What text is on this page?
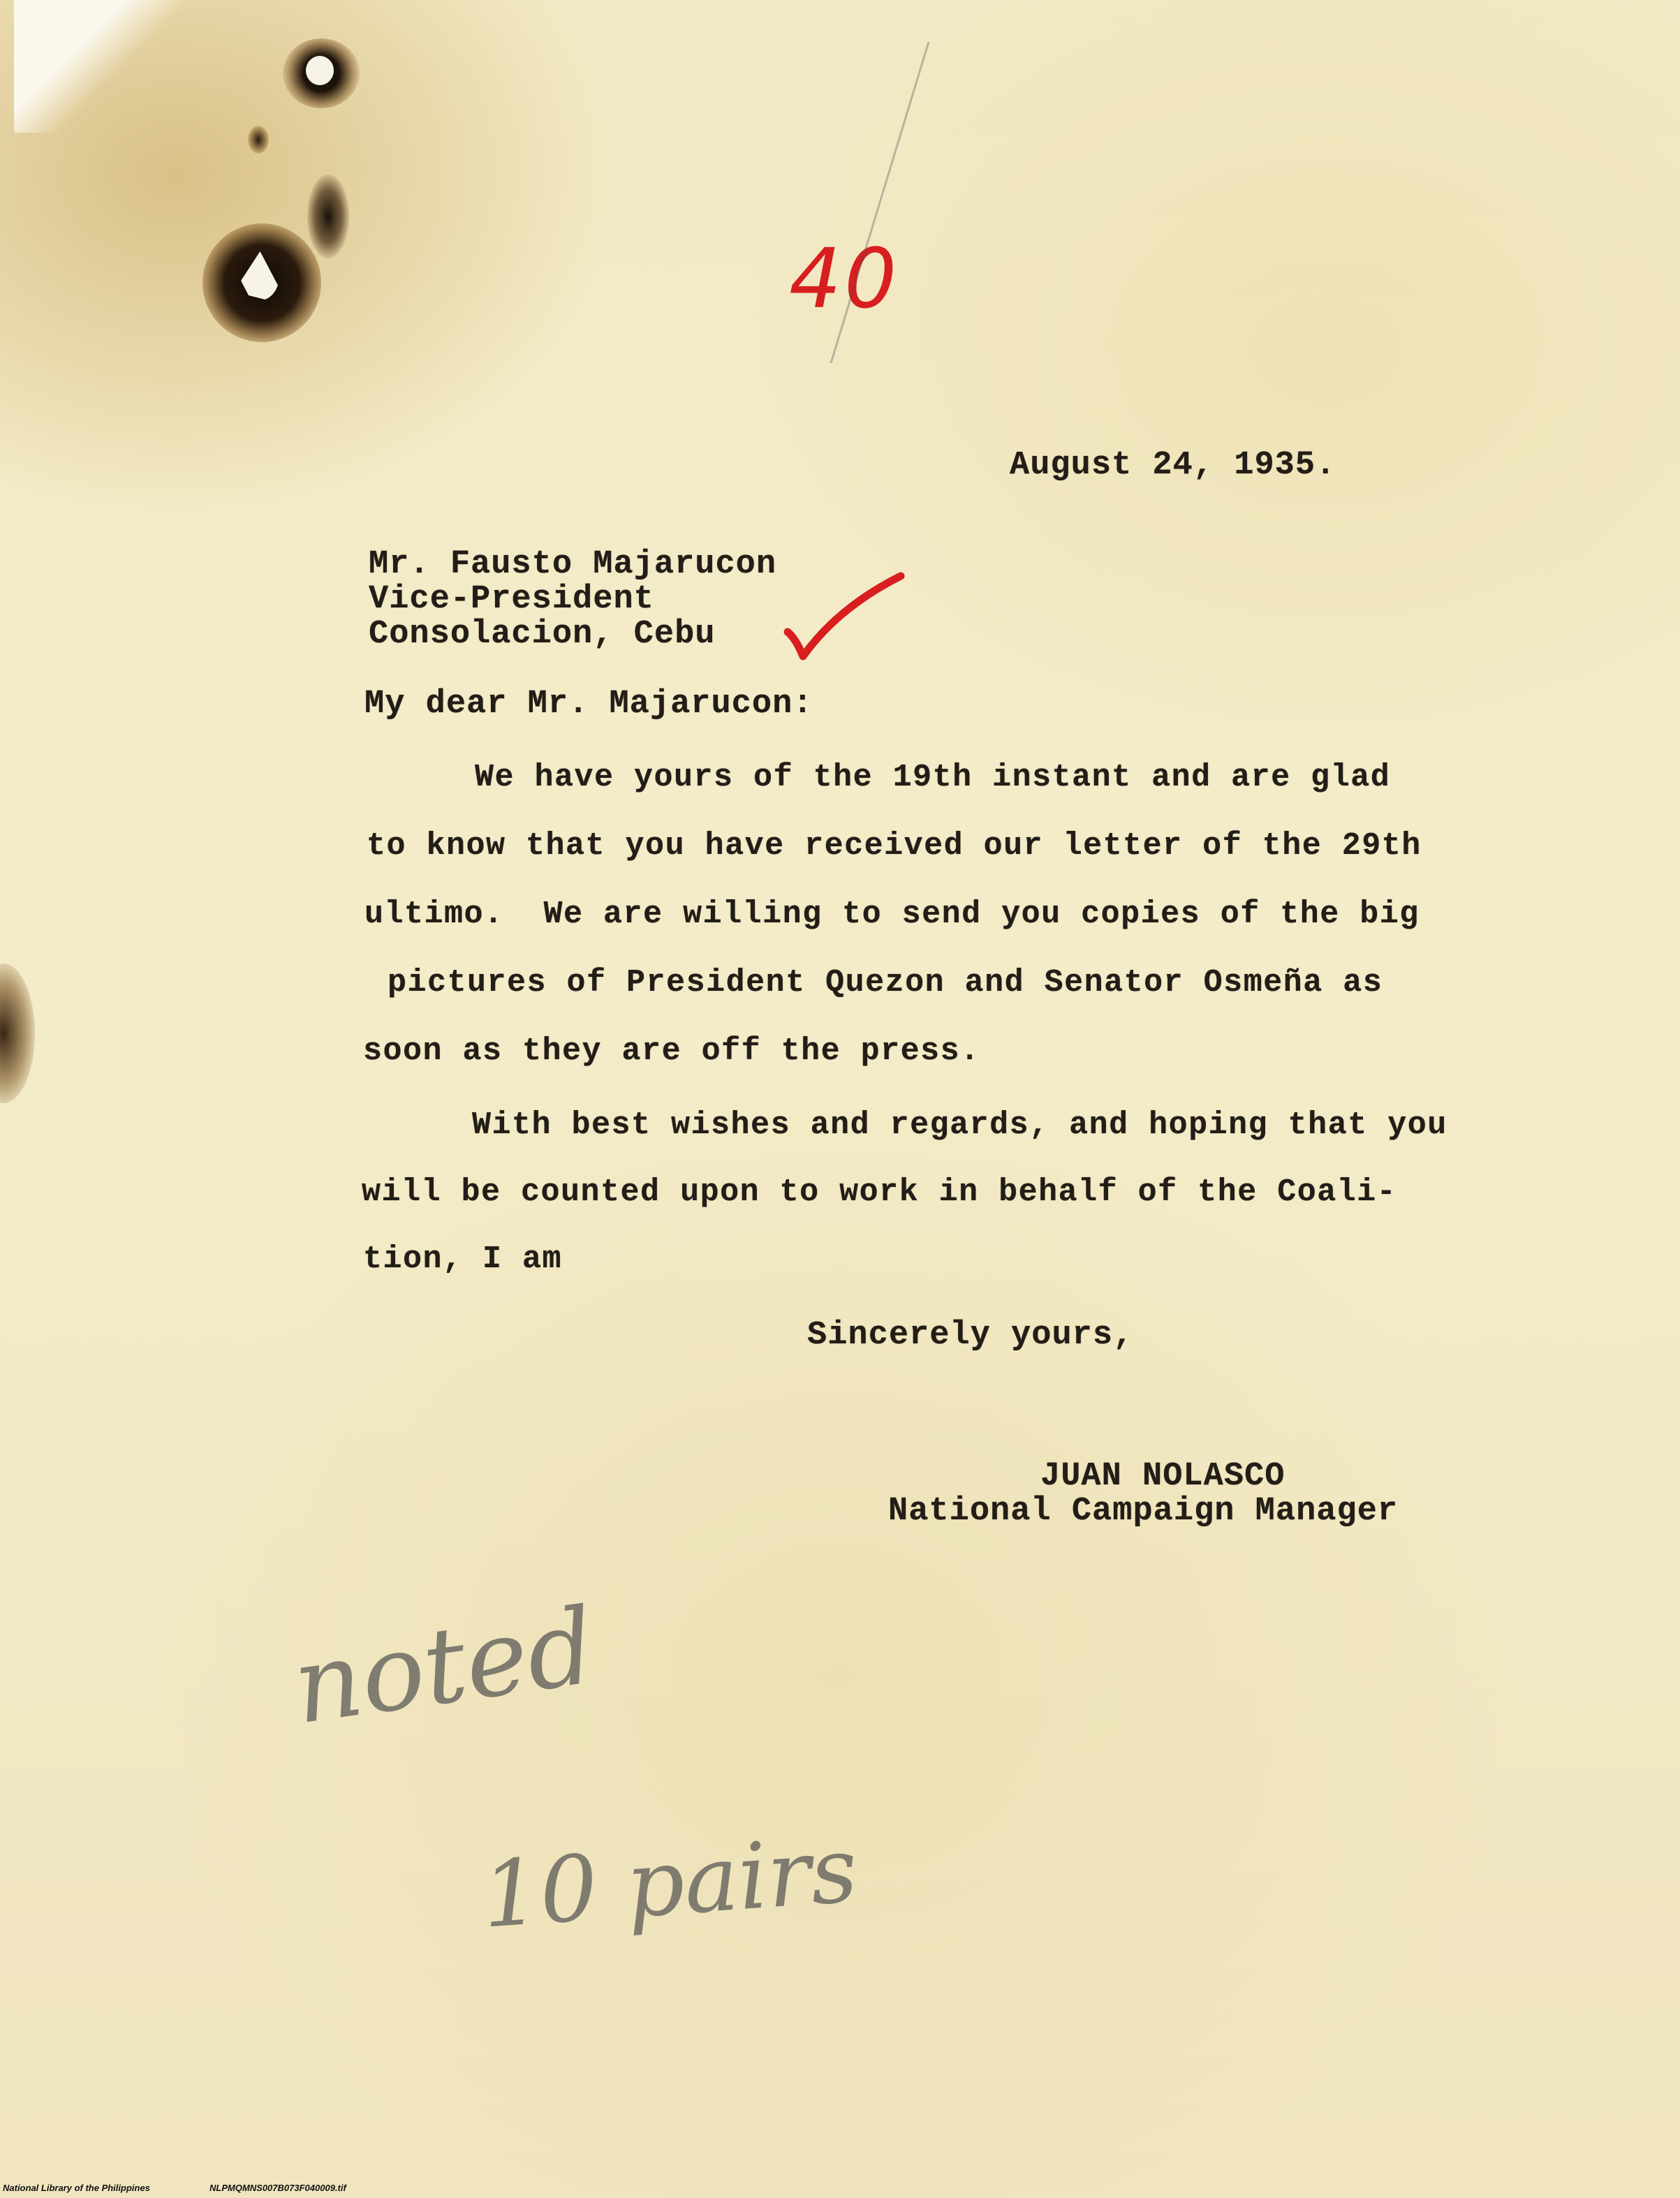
40
August 24, 1935.
Mr. Fausto Majarucon
Vice-President
Consolacion, Cebu
My dear Mr. Majarucon:
We have yours of the 19th instant and are glad
to know that you have received our letter of the 29th
ultimo.  We are willing to send you copies of the big
pictures of President Quezon and Senator Osmeña as
soon as they are off the press.
With best wishes and regards, and hoping that you
will be counted upon to work in behalf of the Coali-
tion, I am
Sincerely yours,
JUAN NOLASCO
National Campaign Manager
noted
10 pairs
National Library of the Philippines	NLPMQMNS007B073F040009.tif
